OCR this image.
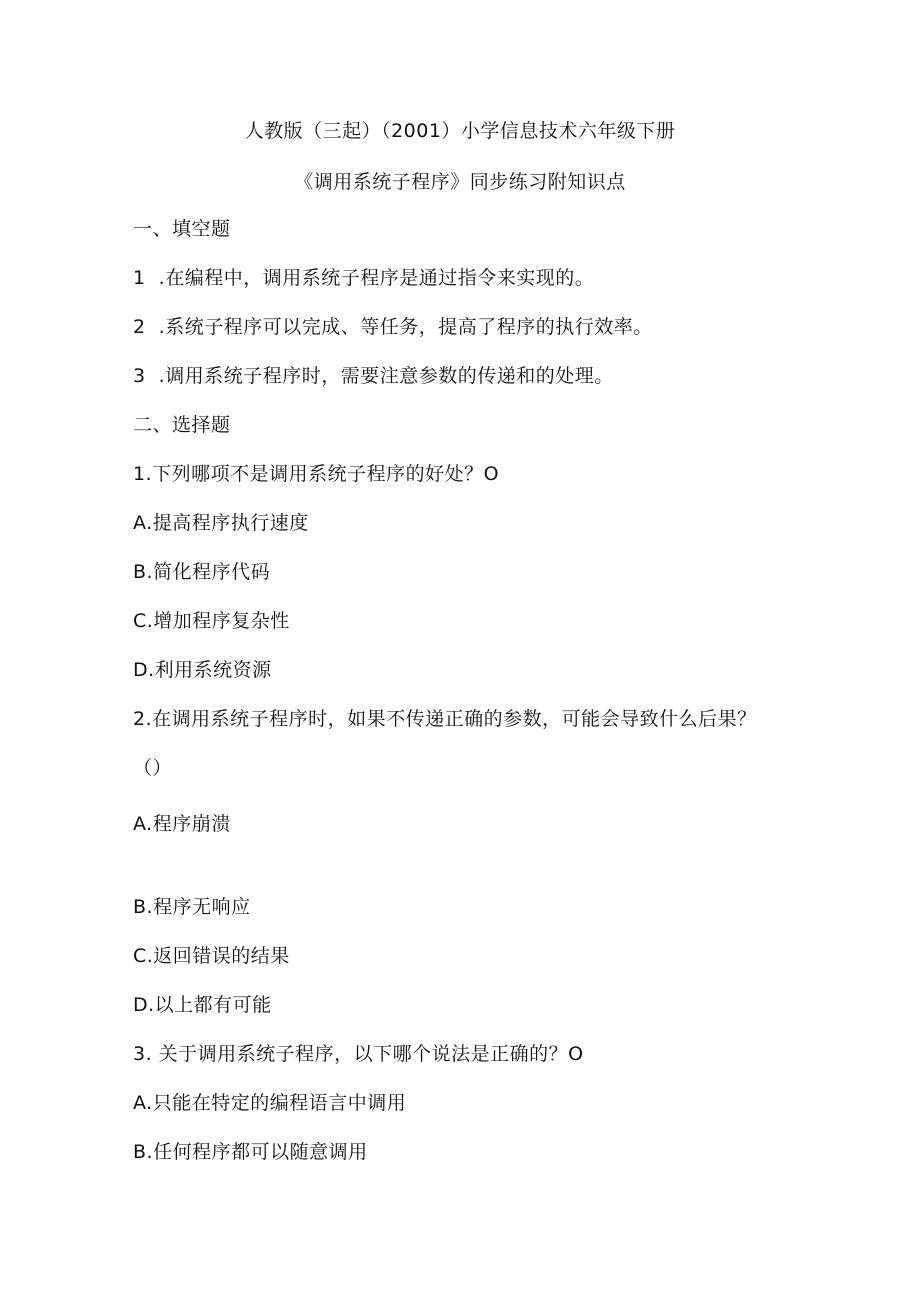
人教版（三起）（2001）小学信息技术六年级下册
《调用系统子程序》同步练习附知识点
一、填空题
1  .在编程中，调用系统子程序是通过指令来实现的。
2  .系统子程序可以完成、等任务，提高了程序的执行效率。
3  .调用系统子程序时，需要注意参数的传递和的处理。
二、选择题
1.下列哪项不是调用系统子程序的好处？O
A.提高程序执行速度
B.简化程序代码
C.增加程序复杂性
D.利用系统资源
2.在调用系统子程序时，如果不传递正确的参数，可能会导致什么后果？
（）
A.程序崩溃
B.程序无响应
C.返回错误的结果
D.以上都有可能
3. 关于调用系统子程序，以下哪个说法是正确的？O
A.只能在特定的编程语言中调用
B.任何程序都可以随意调用
